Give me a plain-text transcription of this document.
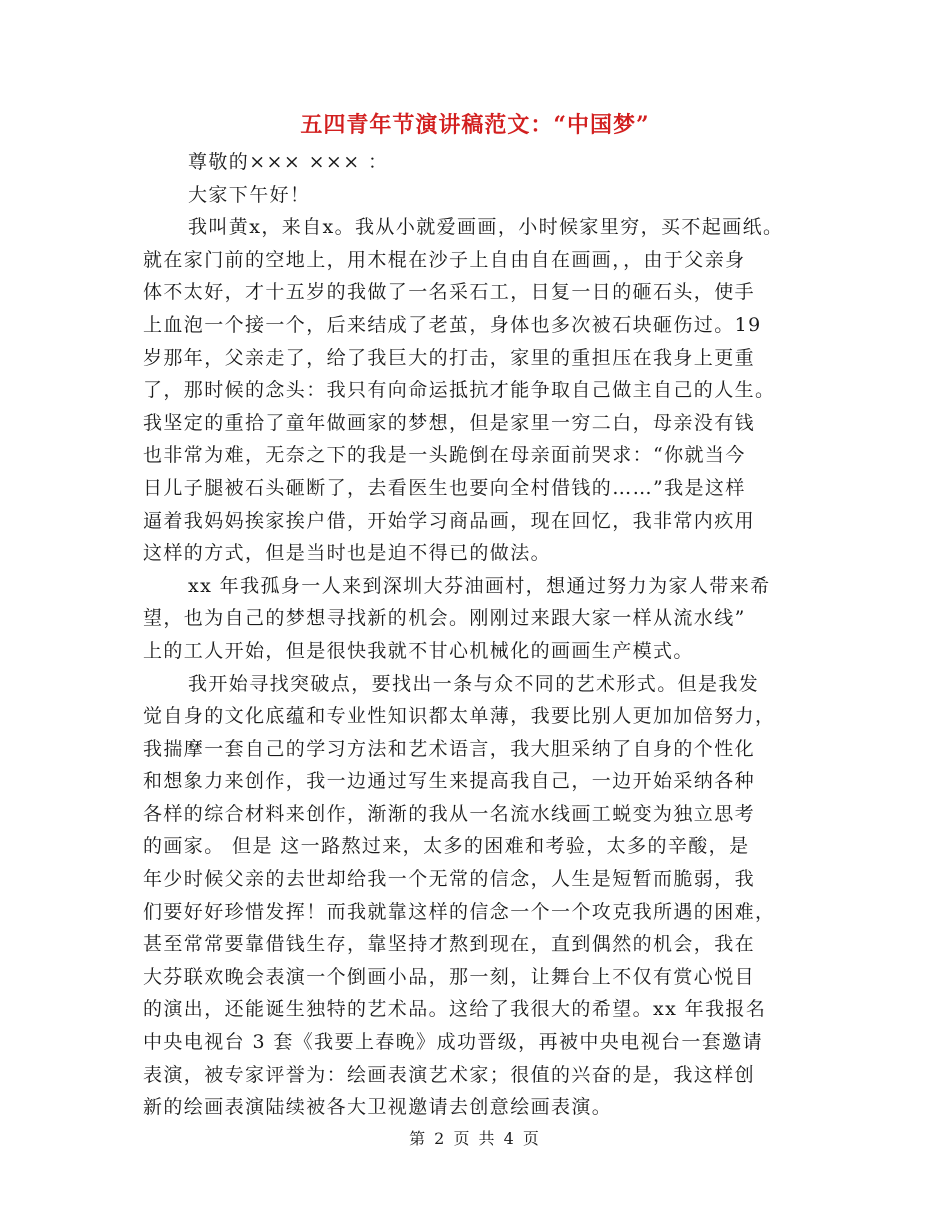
五四青年节演讲稿范文：“中国梦”
尊敬的××× ××× ：
大家下午好！
我叫黄x，来自x。我从小就爱画画，小时候家里穷，买不起画纸。
就在家门前的空地上，用木棍在沙子上自由自在画画，，由于父亲身
体不太好，才十五岁的我做了一名采石工，日复一日的砸石头，使手
上血泡一个接一个，后来结成了老茧，身体也多次被石块砸伤过。19
岁那年，父亲走了，给了我巨大的打击，家里的重担压在我身上更重
了，那时候的念头：我只有向命运抵抗才能争取自己做主自己的人生。
我坚定的重拾了童年做画家的梦想，但是家里一穷二白，母亲没有钱
也非常为难，无奈之下的我是一头跪倒在母亲面前哭求：“你就当今
日儿子腿被石头砸断了，去看医生也要向全村借钱的……”我是这样
逼着我妈妈挨家挨户借，开始学习商品画，现在回忆，我非常内疚用
这样的方式，但是当时也是迫不得已的做法。
xx 年我孤身一人来到深圳大芬油画村，想通过努力为家人带来希
望，也为自己的梦想寻找新的机会。刚刚过来跟大家一样从流水线”
上的工人开始，但是很快我就不甘心机械化的画画生产模式。
我开始寻找突破点，要找出一条与众不同的艺术形式。但是我发
觉自身的文化底蕴和专业性知识都太单薄，我要比别人更加加倍努力，
我揣摩一套自己的学习方法和艺术语言，我大胆采纳了自身的个性化
和想象力来创作，我一边通过写生来提高我自己，一边开始采纳各种
各样的综合材料来创作，渐渐的我从一名流水线画工蜕变为独立思考
的画家。 但是 这一路熬过来，太多的困难和考验，太多的辛酸，是
年少时候父亲的去世却给我一个无常的信念，人生是短暂而脆弱，我
们要好好珍惜发挥！而我就靠这样的信念一个一个攻克我所遇的困难，
甚至常常要靠借钱生存，靠坚持才熬到现在，直到偶然的机会，我在
大芬联欢晚会表演一个倒画小品，那一刻，让舞台上不仅有赏心悦目
的演出，还能诞生独特的艺术品。这给了我很大的希望。xx 年我报名
中央电视台 3 套《我要上春晚》成功晋级，再被中央电视台一套邀请
表演，被专家评誉为：绘画表演艺术家；很值的兴奋的是，我这样创
新的绘画表演陆续被各大卫视邀请去创意绘画表演。
第 2 页 共 4 页
